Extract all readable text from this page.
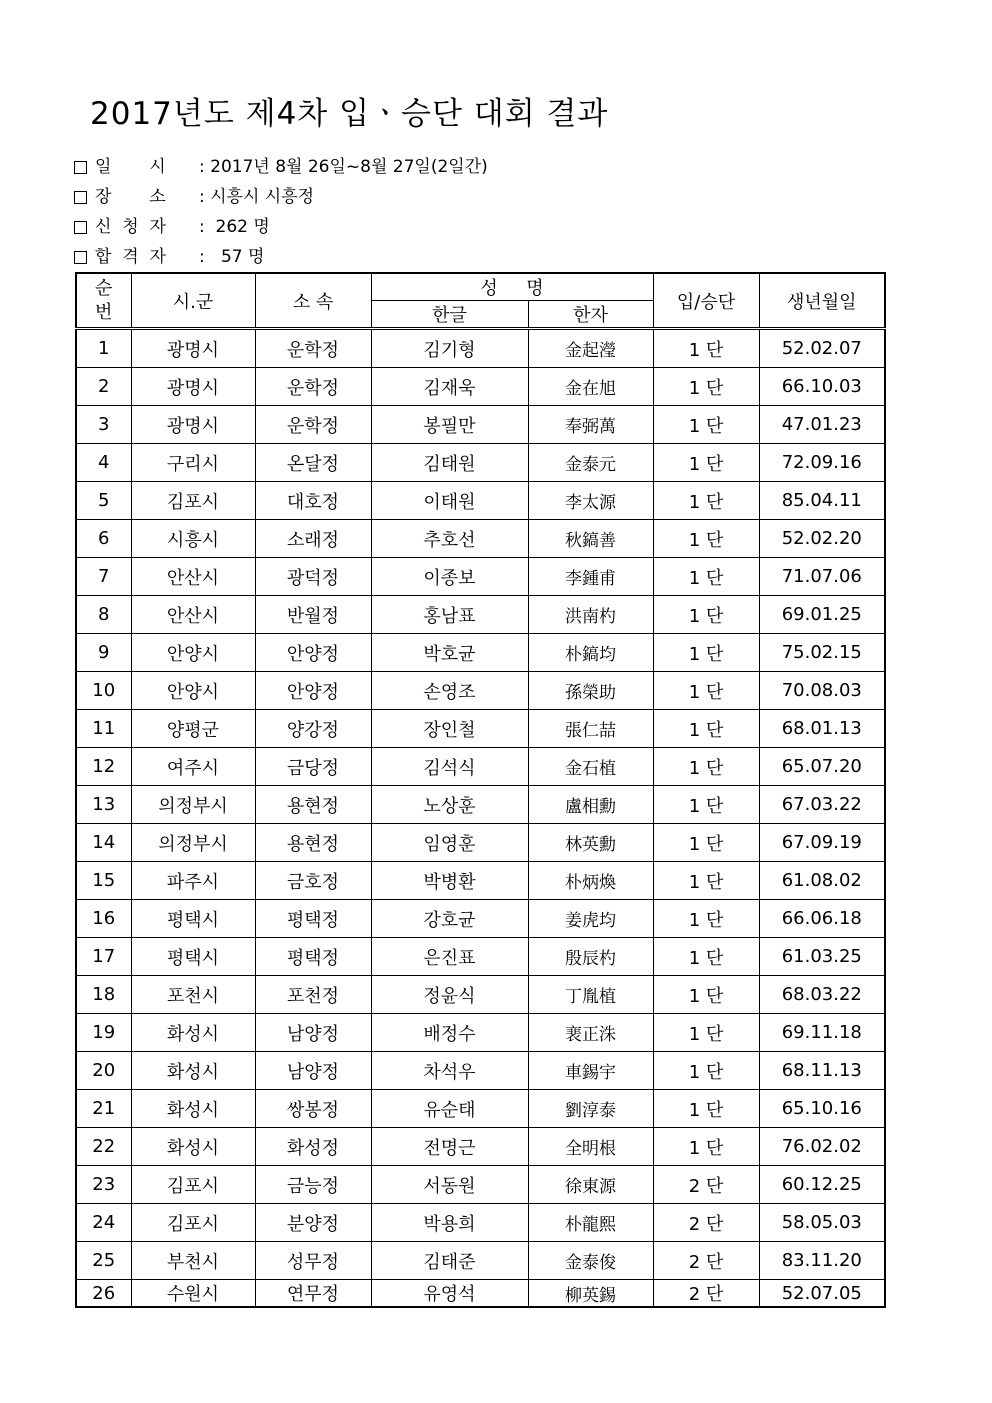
2017년도 제4차 입ㆍ승단 대회 결과
일       시	: 2017년 8월 26일~8월 27일(2일간)
장       소	: 시흥시 시흥정
신  청  자	:  262 명
합  격  자	:   57 명
순
번	시.군	소 속	성     명		입/승단	생년월일
			한글	한자		
1	광명시	운학정	김기형	金起瀅	1 단	52.02.07
2	광명시	운학정	김재욱	金在旭	1 단	66.10.03
3	광명시	운학정	봉필만	奉弼萬	1 단	47.01.23
4	구리시	온달정	김태원	金泰元	1 단	72.09.16
5	김포시	대호정	이태원	李太源	1 단	85.04.11
6	시흥시	소래정	추호선	秋鎬善	1 단	52.02.20
7	안산시	광덕정	이종보	李鍾甫	1 단	71.07.06
8	안산시	반월정	홍남표	洪南杓	1 단	69.01.25
9	안양시	안양정	박호균	朴鎬均	1 단	75.02.15
10	안양시	안양정	손영조	孫榮助	1 단	70.08.03
11	양평군	양강정	장인철	張仁喆	1 단	68.01.13
12	여주시	금당정	김석식	金石植	1 단	65.07.20
13	의정부시	용현정	노상훈	盧相勳	1 단	67.03.22
14	의정부시	용현정	임영훈	林英勳	1 단	67.09.19
15	파주시	금호정	박병환	朴炳煥	1 단	61.08.02
16	평택시	평택정	강호균	姜虎均	1 단	66.06.18
17	평택시	평택정	은진표	殷辰杓	1 단	61.03.25
18	포천시	포천정	정윤식	丁胤植	1 단	68.03.22
19	화성시	남양정	배정수	裵正洙	1 단	69.11.18
20	화성시	남양정	차석우	車錫宇	1 단	68.11.13
21	화성시	쌍봉정	유순태	劉淳泰	1 단	65.10.16
22	화성시	화성정	전명근	全明根	1 단	76.02.02
23	김포시	금능정	서동원	徐東源	2 단	60.12.25
24	김포시	분양정	박용희	朴龍熙	2 단	58.05.03
25	부천시	성무정	김태준	金泰俊	2 단	83.11.20
26	수원시	연무정	유영석	柳英錫	2 단	52.07.05
